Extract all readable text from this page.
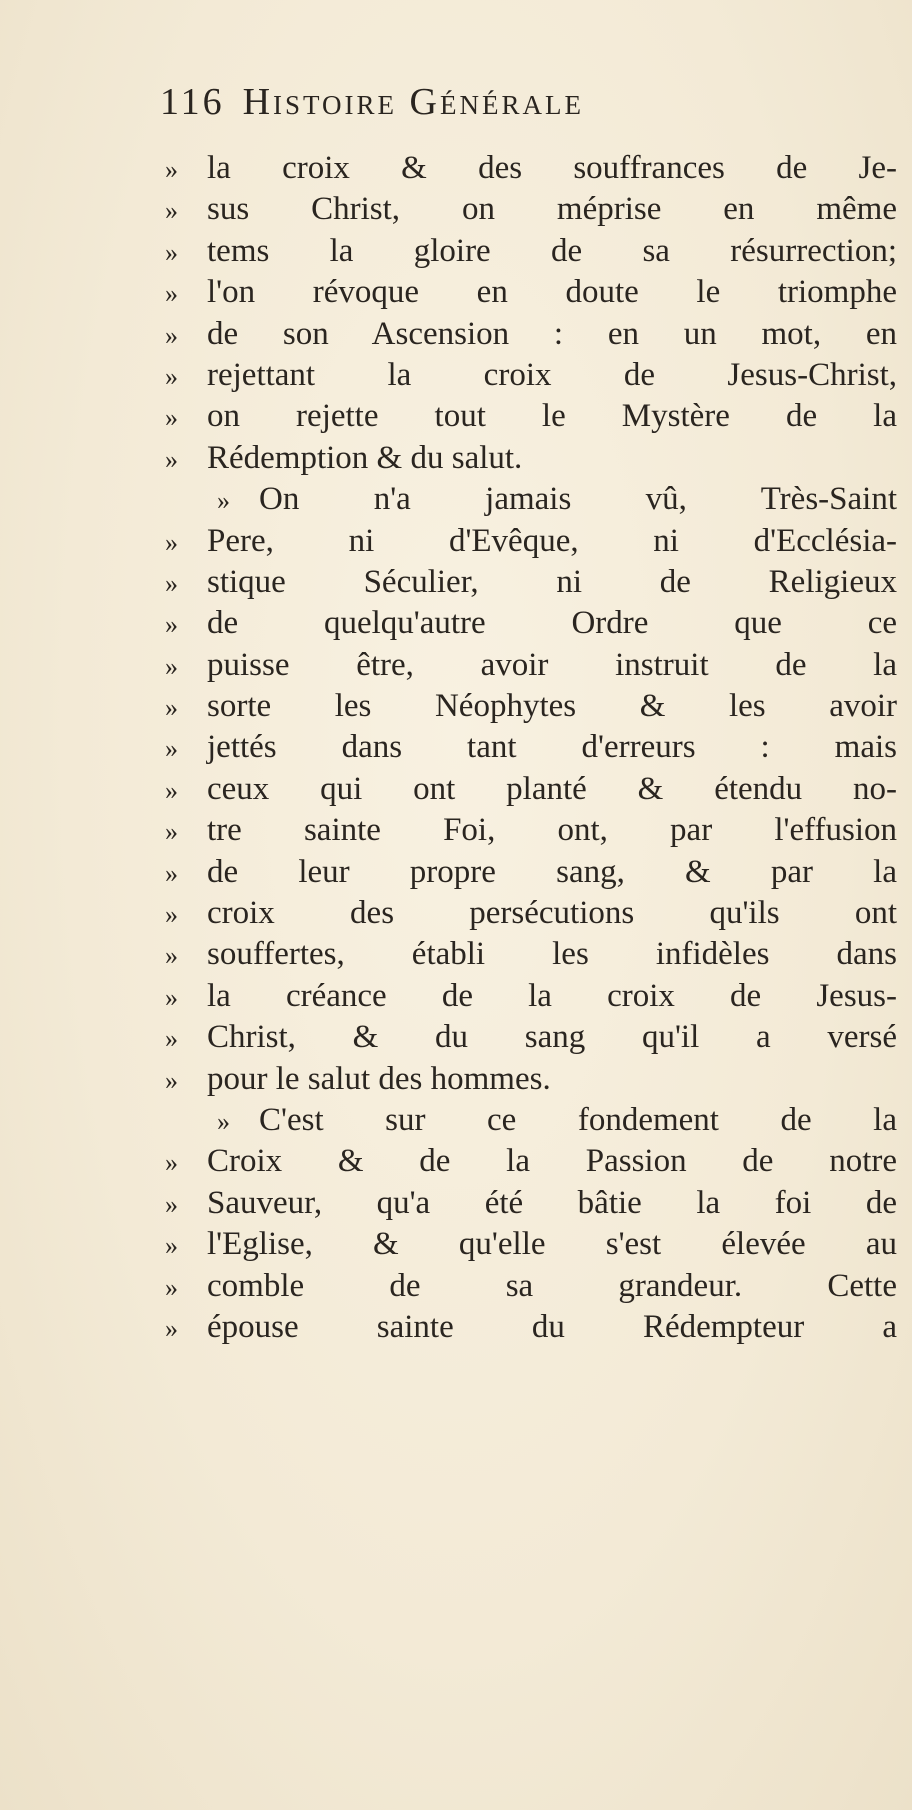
116 Histoire Générale
» la croix & des souffrances de Je-
» sus Christ, on méprise en même
» tems la gloire de sa résurrection;
» l'on révoque en doute le triomphe
» de son Ascension : en un mot, en
» rejettant la croix de Jesus-Christ,
» on rejette tout le Mystère de la
» Rédemption & du salut.
» On n'a jamais vû, Très-Saint
» Pere, ni d'Evêque, ni d'Ecclésia-
» stique Séculier, ni de Religieux
» de quelqu'autre Ordre que ce
» puisse être, avoir instruit de la
» sorte les Néophytes & les avoir
» jettés dans tant d'erreurs : mais
» ceux qui ont planté & étendu no-
» tre sainte Foi, ont, par l'effusion
» de leur propre sang, & par la
» croix des persécutions qu'ils ont
» souffertes, établi les infidèles dans
» la créance de la croix de Jesus-
» Christ, & du sang qu'il a versé
» pour le salut des hommes.
» C'est sur ce fondement de la
» Croix & de la Passion de notre
» Sauveur, qu'a été bâtie la foi de
» l'Eglise, & qu'elle s'est élevée au
» comble de sa grandeur. Cette
» épouse sainte du Rédempteur a
